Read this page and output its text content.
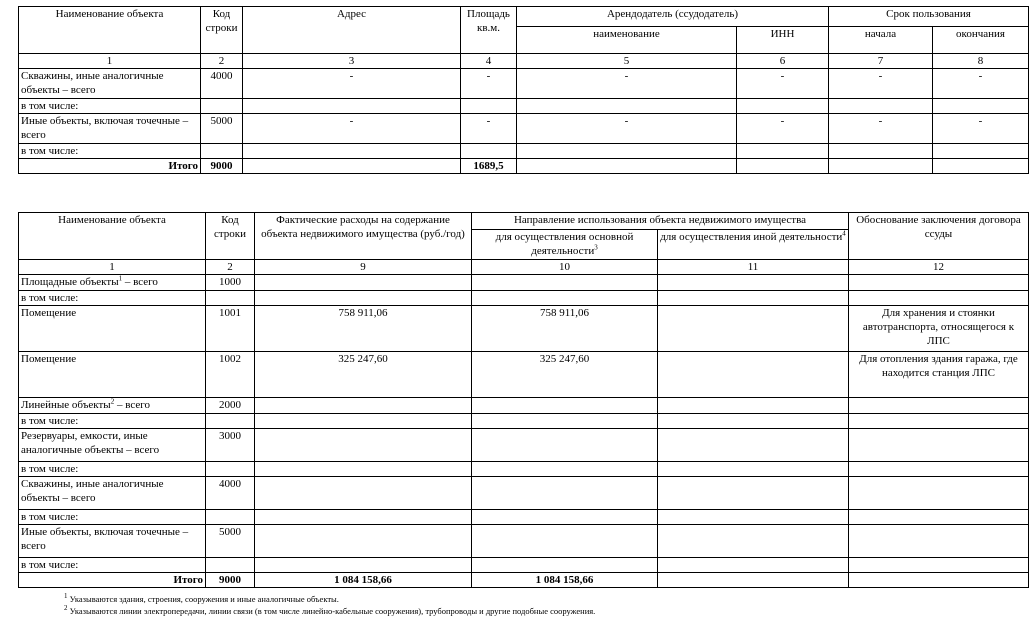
Наименование объекта	Код строки	Адрес	Площадь кв.м.	Арендодатель (ссудодатель)		Срок пользования	
				наименование	ИНН	начала	окончания
1	2	3	4	5	6	7	8
Скважины, иные аналогичные объекты – всего	4000	-	-	-	-	-	-
в том числе:							
Иные объекты, включая точечные – всего	5000	-	-	-	-	-	-
в том числе:							
Итого	9000		1689,5				
Наименование объекта	Код строки	Фактические расходы на содержание объекта недвижимого имущества (руб./год)	Направление использования объекта недвижимого имущества		Обоснование заключения договора ссуды
			для осуществления основной деятельности$^3$	для осуществления иной деятельности$^4$
1	2	9	10	11	12
Площадные объекты$^1$ – всего	1000				
в том числе:					
Помещение	1001	758 911,06	758 911,06		Для хранения и стоянки автотранспорта, относящегося к ЛПС
Помещение	1002	325 247,60	325 247,60		Для отопления здания гаража, где находится станция ЛПС
Линейные объекты$^2$ – всего	2000				
в том числе:					
Резервуары, емкости, иные аналогичные объекты – всего	3000				
в том числе:					
Скважины, иные аналогичные объекты – всего	4000				
в том числе:					
Иные объекты, включая точечные – всего	5000				
в том числе:					
Итого	9000	1 084 158,66	1 084 158,66		
$^1$ Указываются здания, строения, сооружения и иные аналогичные объекты.
$^2$ Указываются линии электропередачи, линии связи (в том числе линейно-кабельные сооружения), трубопроводы и другие подобные сооружения.
